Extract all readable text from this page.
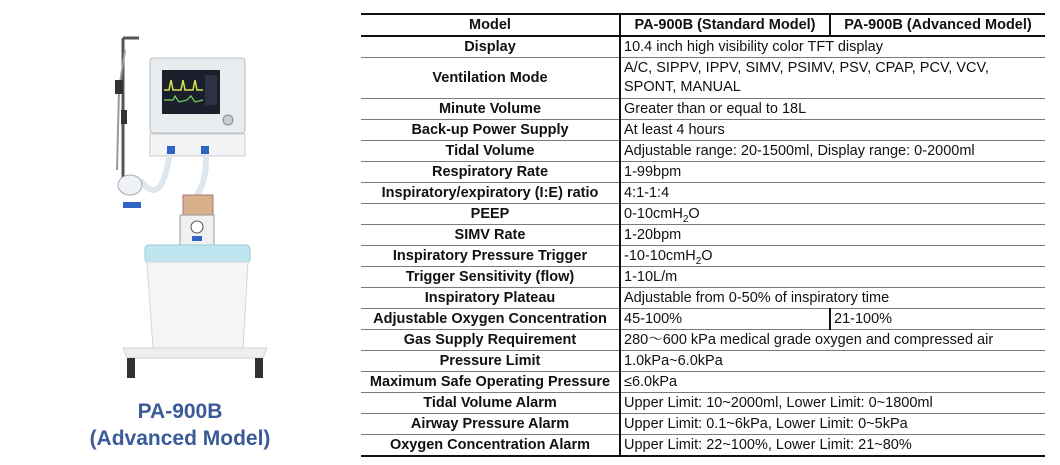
PA-900B
(Advanced Model)
Model	PA-900B (Standard Model)	PA-900B (Advanced Model)
Display	10.4 inch high visibility color TFT display	
Ventilation Mode	A/C, SIPPV, IPPV, SIMV, PSIMV, PSV, CPAP, PCV, VCV, SPONT, MANUAL	
Minute Volume	Greater than or equal to 18L	
Back-up Power Supply	At least 4 hours	
Tidal Volume	Adjustable range: 20-1500ml, Display range: 0-2000ml	
Respiratory Rate	1-99bpm	
Inspiratory/expiratory (I:E) ratio	4:1-1:4	
PEEP	0-10cmH$_2$O	
SIMV Rate	1-20bpm	
Inspiratory Pressure Trigger	-10-10cmH$_2$O	
Trigger Sensitivity (flow)	1-10L/m	
Inspiratory Plateau	Adjustable from 0-50% of inspiratory time	
Adjustable Oxygen Concentration	45-100%	21-100%
Gas Supply Requirement	280～600 kPa medical grade oxygen and compressed air	
Pressure Limit	1.0kPa~6.0kPa	
Maximum Safe Operating Pressure	≤6.0kPa	
Tidal Volume Alarm	Upper Limit: 10~2000ml, Lower Limit: 0~1800ml	
Airway Pressure Alarm	Upper Limit: 0.1~6kPa, Lower Limit: 0~5kPa	
Oxygen Concentration Alarm	Upper Limit: 22~100%, Lower Limit: 21~80%	
